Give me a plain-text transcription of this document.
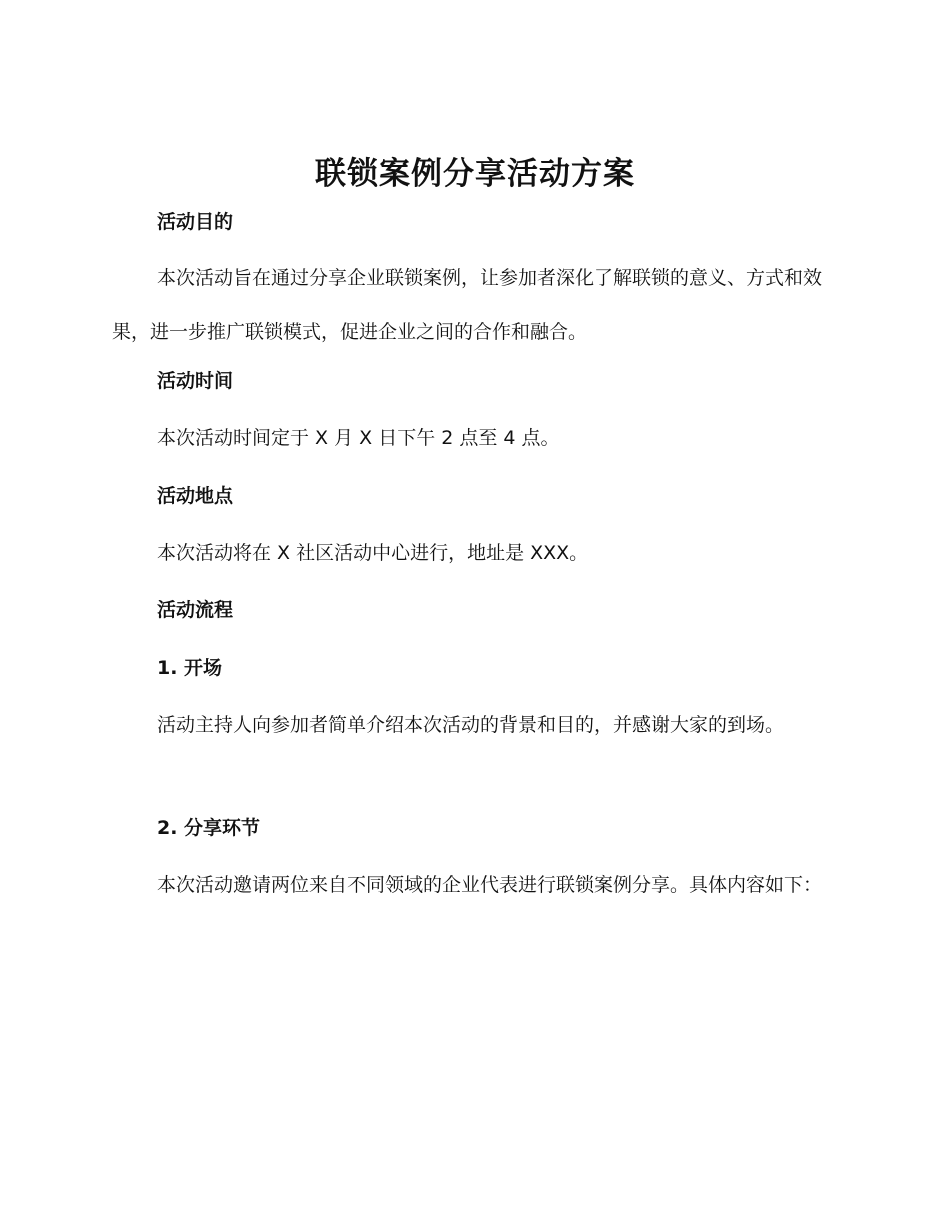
联锁案例分享活动方案
活动目的
本次活动旨在通过分享企业联锁案例，让参加者深化了解联锁的意义、方式和效果，进一步推广联锁模式，促进企业之间的合作和融合。
活动时间
本次活动时间定于 X 月 X 日下午 2 点至 4 点。
活动地点
本次活动将在 X 社区活动中心进行，地址是 XXX。
活动流程
1. 开场
活动主持人向参加者简单介绍本次活动的背景和目的，并感谢大家的到场。
2. 分享环节
本次活动邀请两位来自不同领域的企业代表进行联锁案例分享。具体内容如下：
